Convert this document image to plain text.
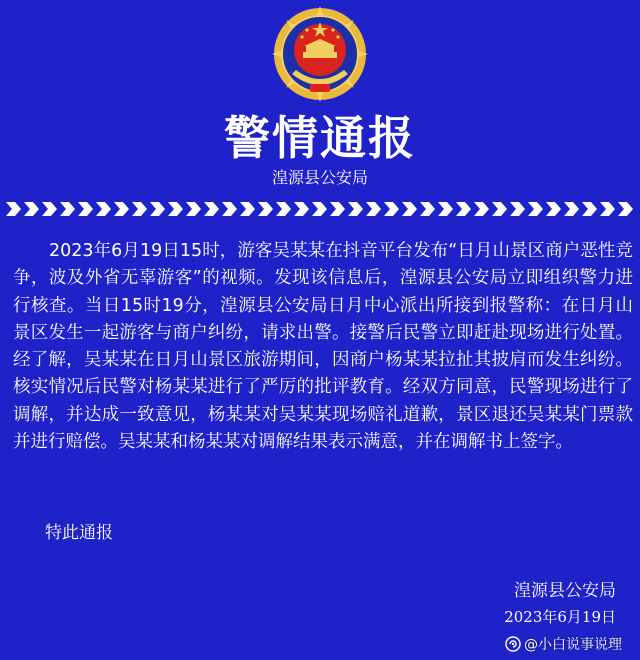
警情通报
湟源县公安局

2023年6月19日15时，游客吴某某在抖音平台发布“日月山景区商户恶性竞争，波及外省无辜游客”的视频。发现该信息后，湟源县公安局立即组织警力进行核查。当日15时19分，湟源县公安局日月中心派出所接到报警称：在日月山景区发生一起游客与商户纠纷，请求出警。接警后民警立即赶赴现场进行处置。经了解，吴某某在日月山景区旅游期间，因商户杨某某拉扯其披肩而发生纠纷。核实情况后民警对杨某某进行了严厉的批评教育。经双方同意，民警现场进行了调解，并达成一致意见，杨某某对吴某某现场赔礼道歉，景区退还吴某某门票款并进行赔偿。吴某某和杨某某对调解结果表示满意，并在调解书上签字。

特此通报
湟源县公安局
2023年6月19日
@小白说事说理
